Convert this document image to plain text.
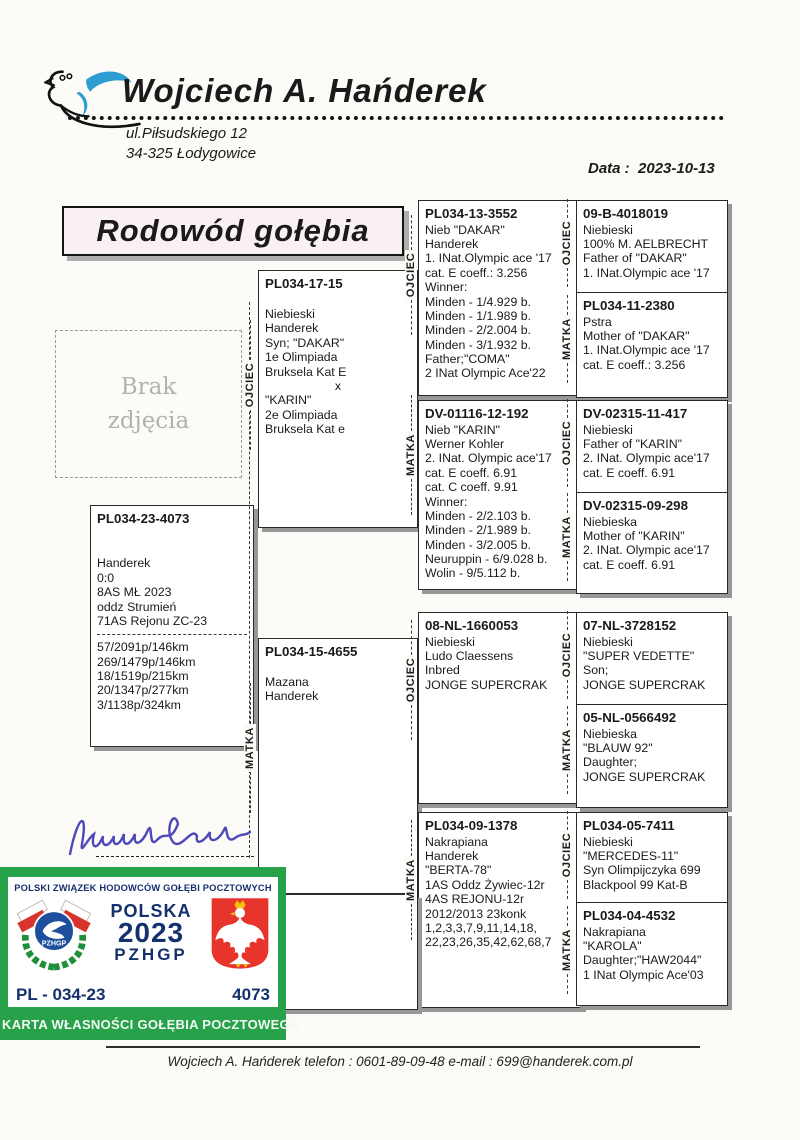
Wojciech A. Hańderek
ul.Piłsudskiego 12
34-325 Łodygowice
Data : 2023-10-13
Rodowód gołębia
Brak zdjęcia
PL034-23-4073
Handerek
0:0
8AS MŁ 2023
oddz Strumień
71AS Rejonu ZC-23
57/2091p/146km
269/1479p/146km
18/1519p/215km
20/1347p/277km
3/1138p/324km
PL034-17-15
Niebieski
Handerek
Syn; "DAKAR"
1e Olimpiada
Bruksela Kat E
x
"KARIN"
2e Olimpiada
Bruksela Kat e
PL034-15-4655
Mazana
Handerek
PL034-13-3552
Nieb "DAKAR"
Handerek
1. INat.Olympic ace '17
cat. E coeff.: 3.256
Winner:
Minden - 1/4.929 b.
Minden - 1/1.989 b.
Minden - 2/2.004 b.
Minden - 3/1.932 b.
Father;"COMA"
2 INat Olympic Ace'22
DV-01116-12-192
Nieb "KARIN"
Werner Kohler
2. INat. Olympic ace'17
cat. E coeff. 6.91
cat. C coeff. 9.91
Winner:
Minden - 2/2.103 b.
Minden - 2/1.989 b.
Minden - 3/2.005 b.
Neuruppin - 6/9.028 b.
Wolin - 9/5.112 b.
08-NL-1660053
Niebieski
Ludo Claessens
Inbred
JONGE SUPERCRAK
PL034-09-1378
Nakrapiana
Handerek
"BERTA-78"
1AS Oddz Żywiec-12r
4AS REJONU-12r
2012/2013 23konk
1,2,3,3,7,9,11,14,18,
22,23,26,35,42,62,68,7
09-B-4018019
Niebieski
100% M. AELBRECHT
Father of "DAKAR"
1. INat.Olympic ace '17
PL034-11-2380
Pstra
Mother of "DAKAR"
1. INat.Olympic ace '17
cat. E coeff.: 3.256
DV-02315-11-417
Niebieski
Father of "KARIN"
2. INat. Olympic ace'17
cat. E coeff. 6.91
DV-02315-09-298
Niebieska
Mother of "KARIN"
2. INat. Olympic ace'17
cat. E coeff. 6.91
07-NL-3728152
Niebieski
"SUPER VEDETTE"
Son;
JONGE SUPERCRAK
05-NL-0566492
Niebieska
"BLAUW 92"
Daughter;
JONGE SUPERCRAK
PL034-05-7411
Niebieski
"MERCEDES-11"
Syn Olimpijczyka 699
Blackpool 99 Kat-B
PL034-04-4532
Nakrapiana
"KAROLA"
Daughter;"HAW2044"
1 INat Olympic Ace'03
OJCIEC
MATKA
OJCIEC
MATKA
OJCIEC
MATKA
OJCIEC
MATKA
OJCIEC
MATKA
OJCIEC
MATKA
OJCIEC
MATKA
POLSKI ZWIĄZEK HODOWCÓW GOŁĘBI POCZTOWYCH
PZHGP
POLSKA
2023
PZHGP
PL - 034-23	4073
KARTA WŁASNOŚCI GOŁĘBIA POCZTOWEGO
Wojciech A. Hańderek telefon : 0601-89-09-48 e-mail : 699@handerek.com.pl
